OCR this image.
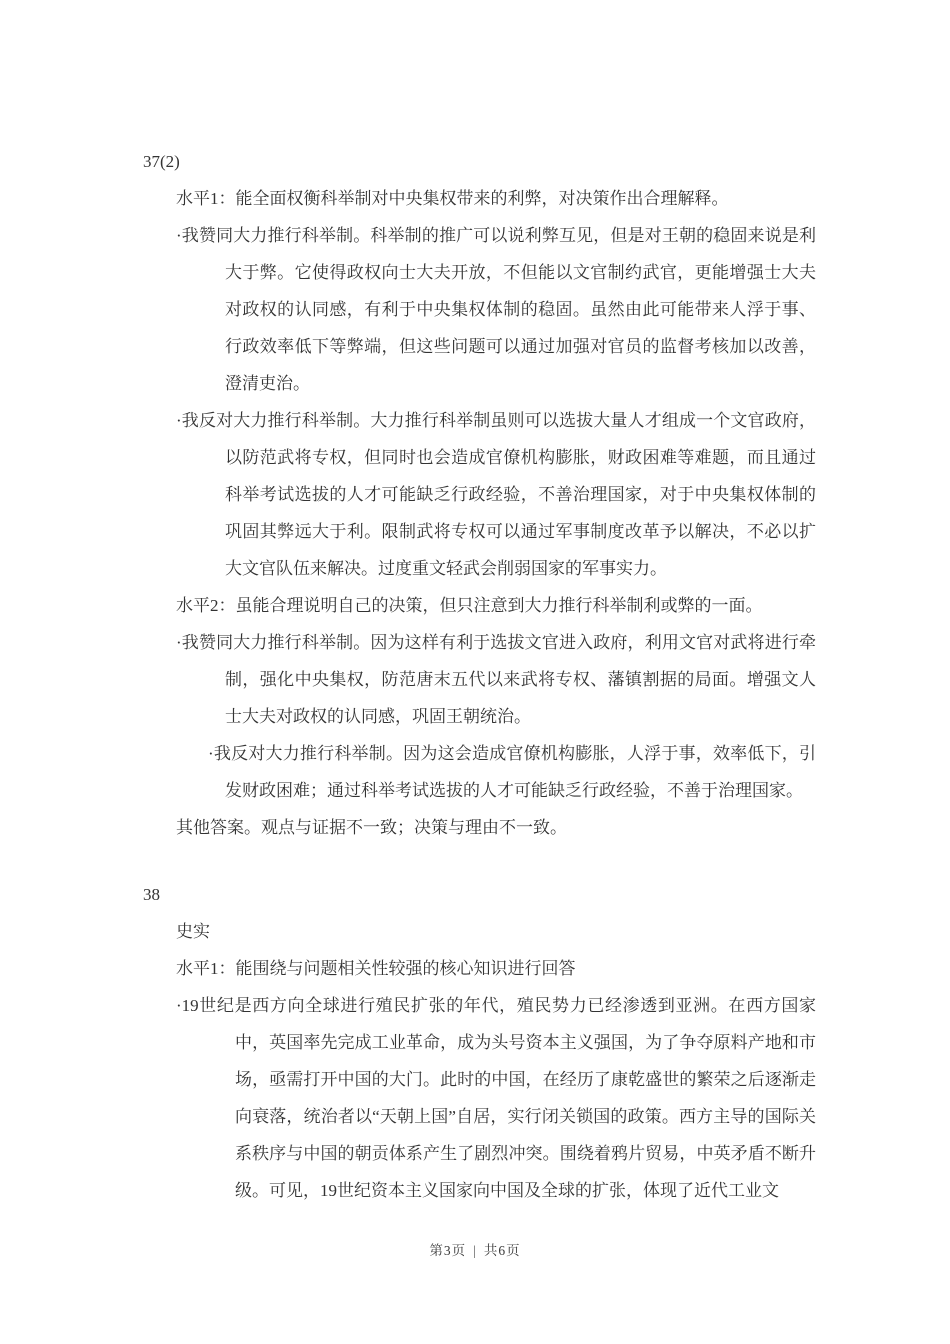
37(2)

水平1：能全面权衡科举制对中央集权带来的利弊，对决策作出合理解释。

·我赞同大力推行科举制。科举制的推广可以说利弊互见，但是对王朝的稳固来说是利大于弊。它使得政权向士大夫开放，不但能以文官制约武官，更能增强士大夫对政权的认同感，有利于中央集权体制的稳固。虽然由此可能带来人浮于事、行政效率低下等弊端，但这些问题可以通过加强对官员的监督考核加以改善，澄清吏治。

·我反对大力推行科举制。大力推行科举制虽则可以选拔大量人才组成一个文官政府，以防范武将专权，但同时也会造成官僚机构膨胀，财政困难等难题，而且通过科举考试选拔的人才可能缺乏行政经验，不善治理国家，对于中央集权体制的巩固其弊远大于利。限制武将专权可以通过军事制度改革予以解决，不必以扩大文官队伍来解决。过度重文轻武会削弱国家的军事实力。

水平2：虽能合理说明自己的决策，但只注意到大力推行科举制利或弊的一面。

·我赞同大力推行科举制。因为这样有利于选拔文官进入政府，利用文官对武将进行牵制，强化中央集权，防范唐末五代以来武将专权、藩镇割据的局面。增强文人士大夫对政权的认同感，巩固王朝统治。

·我反对大力推行科举制。因为这会造成官僚机构膨胀，人浮于事，效率低下，引发财政困难；通过科举考试选拔的人才可能缺乏行政经验，不善于治理国家。

其他答案。观点与证据不一致；决策与理由不一致。

38

史实

水平1：能围绕与问题相关性较强的核心知识进行回答

·19世纪是西方向全球进行殖民扩张的年代，殖民势力已经渗透到亚洲。在西方国家中，英国率先完成工业革命，成为头号资本主义强国，为了争夺原料产地和市场，亟需打开中国的大门。此时的中国，在经历了康乾盛世的繁荣之后逐渐走向衰落，统治者以“天朝上国”自居，实行闭关锁国的政策。西方主导的国际关系秩序与中国的朝贡体系产生了剧烈冲突。围绕着鸦片贸易，中英矛盾不断升级。可见，19世纪资本主义国家向中国及全球的扩张，体现了近代工业文

第3页 | 共6页
